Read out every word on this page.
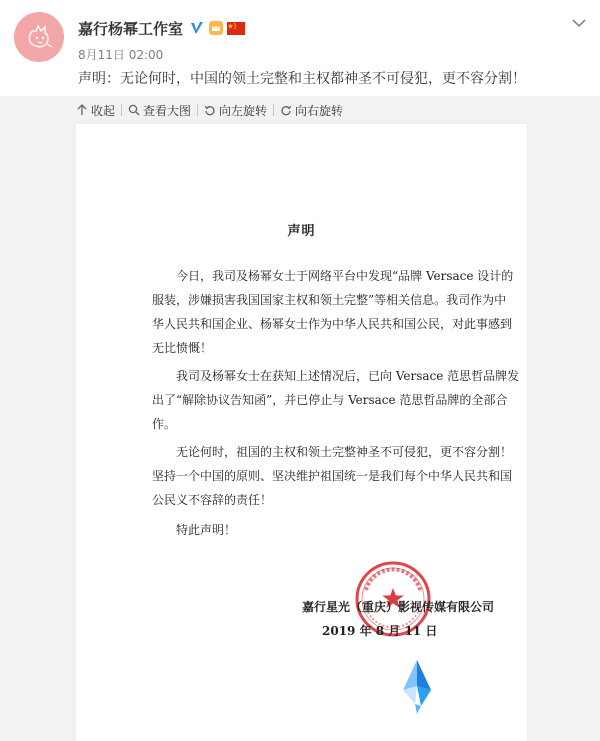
嘉行杨幂工作室
8月11日 02:00
声明：无论何时，中国的领土完整和主权都神圣不可侵犯，更不容分割！
收起 查看大图 向左旋转 向右旋转
声明
今日，我司及杨幂女士于网络平台中发现“品牌 Versace 设计的
服装，涉嫌损害我国国家主权和领土完整”等相关信息。我司作为中
华人民共和国企业、杨幂女士作为中华人民共和国公民，对此事感到
无比愤慨！
我司及杨幂女士在获知上述情况后，已向 Versace 范思哲品牌发
出了“解除协议告知函”，并已停止与 Versace 范思哲品牌的全部合
作。
无论何时，祖国的主权和领土完整神圣不可侵犯，更不容分割！
坚持一个中国的原则、坚决维护祖国统一是我们每个中华人民共和国
公民义不容辞的责任！
特此声明！
嘉行星光（重庆）影视传媒有限公司
2019 年 8 月 11 日
